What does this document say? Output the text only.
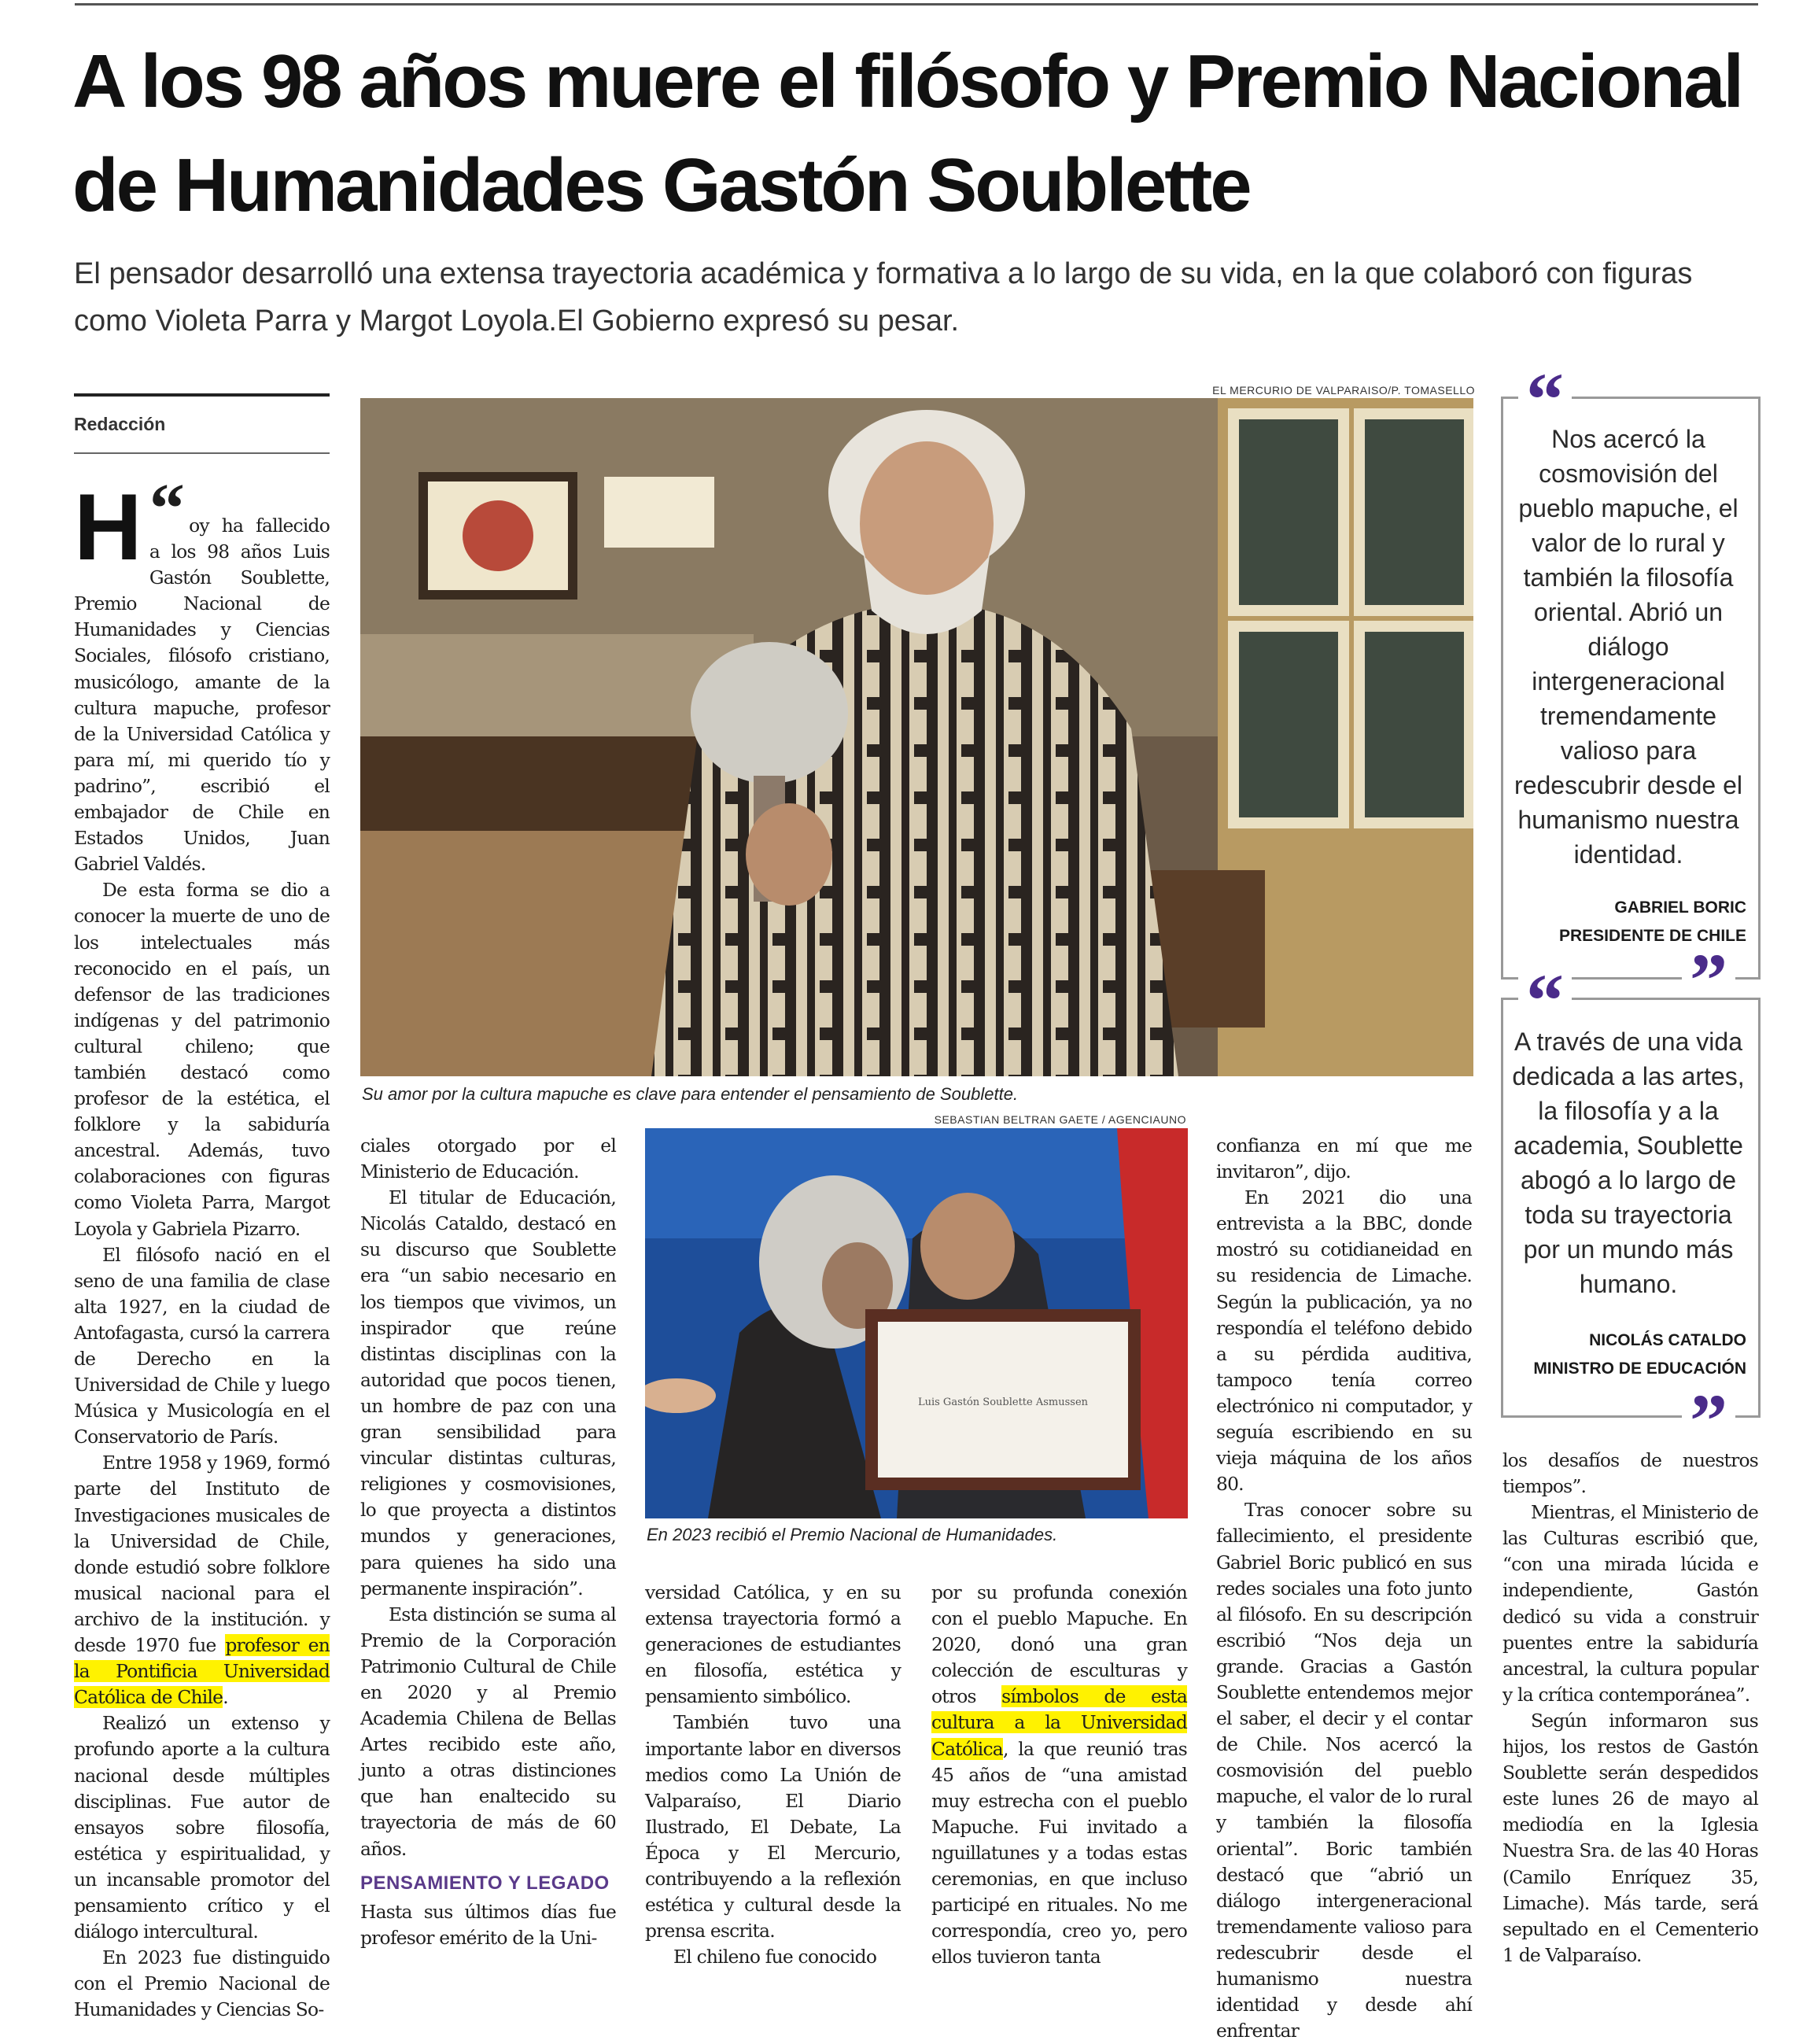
A los 98 años muere el filósofo y Premio Nacional de Humanidades Gastón Soublette

El pensador desarrolló una extensa trayectoria académica y formativa a lo largo de su vida, en la que colaboró con figuras como Violeta Parra y Margot Loyola.El Gobierno expresó su pesar.

Redacción

“
H	oy ha fallecido a los 98 años Luis Gastón Soublette, Premio Nacional de Humanidades y Ciencias Sociales, filósofo cristiano, musicólogo, amante de la cultura mapuche, profesor de la Universidad Católica y para mí, mi querido tío y padrino”, escribió el embajador de Chile en Estados Unidos, Juan Gabriel Valdés.

De esta forma se dio a conocer la muerte de uno de los intelectuales más reconocido en el país, un defensor de las tradiciones indígenas y del patrimonio cultural chileno; que también destacó como profesor de la estética, el folklore y la sabiduría ancestral. Además, tuvo colaboraciones con figuras como Violeta Parra, Margot Loyola y Gabriela Pizarro.

El filósofo nació en el seno de una familia de clase alta 1927, en la ciudad de Antofagasta, cursó la carrera de Derecho en la Universidad de Chile y luego Música y Musicología en el Conservatorio de París.

Entre 1958 y 1969, formó parte del Instituto de Investigaciones musicales de la Universidad de Chile, donde estudió sobre folklore musical nacional para el archivo de la institución. y desde 1970 fue profesor en la Pontificia Universidad Católica de Chile.

Realizó un extenso y profundo aporte a la cultura nacional desde múltiples disciplinas. Fue autor de ensayos sobre filosofía, estética y espiritualidad, y un incansable promotor del pensamiento crítico y el diálogo intercultural.

En 2023 fue distinguido con el Premio Nacional de Humanidades y Ciencias So-

EL MERCURIO DE VALPARAISO/P. TOMASELLO
Su amor por la cultura mapuche es clave para entender el pensamiento de Soublette.
“
Nos acercó la cosmovisión del pueblo mapuche, el valor de lo rural y también la filosofía oriental. Abrió un diálogo intergeneracional tremendamente valioso para redescubrir desde el humanismo nuestra identidad.
GABRIEL BORIC
PRESIDENTE DE CHILE
”
“
A través de una vida dedicada a las artes, la filosofía y a la academia, Soublette abogó a lo largo de toda su trayectoria por un mundo más humano.
NICOLÁS CATALDO
MINISTRO DE EDUCACIÓN
”

ciales otorgado por el Ministerio de Educación.

El titular de Educación, Nicolás Cataldo, destacó en su discurso que Soublette era “un sabio necesario en los tiempos que vivimos, un inspirador que reúne distintas disciplinas con la autoridad que pocos tienen, un hombre de paz con una gran sensibilidad para vincular distintas culturas, religiones y cosmovisiones, lo que proyecta a distintos mundos y generaciones, para quienes ha sido una permanente inspiración”.

Esta distinción se suma al Premio de la Corporación Patrimonio Cultural de Chile en 2020 y al Premio Academia Chilena de Bellas Artes recibido este año, junto a otras distinciones que han enaltecido su trayectoria de más de 60 años.

PENSAMIENTO Y LEGADO

Hasta sus últimos días fue profesor emérito de la Uni-

SEBASTIAN BELTRAN GAETE / AGENCIAUNO
Luis Gastón Soublette Asmussen
En 2023 recibió el Premio Nacional de Humanidades.

versidad Católica, y en su extensa trayectoria formó a generaciones de estudiantes en filosofía, estética y pensamiento simbólico.

También tuvo una importante labor en diversos medios como La Unión de Valparaíso, El Diario Ilustrado, El Debate, La Época y El Mercurio, contribuyendo a la reflexión estética y cultural desde la prensa escrita.

El chileno fue conocido

por su profunda conexión con el pueblo Mapuche. En 2020, donó una gran colección de esculturas y otros símbolos de esta cultura a la Universidad Católica, la que reunió tras 45 años de “una amistad muy estrecha con el pueblo Mapuche. Fui invitado a nguillatunes y a todas estas ceremonias, en que incluso participé en rituales. No me correspondía, creo yo, pero ellos tuvieron tanta

confianza en mí que me invitaron”, dijo.

En 2021 dio una entrevista a la BBC, donde mostró su cotidianeidad en su residencia de Limache. Según la publicación, ya no respondía el teléfono debido a su pérdida auditiva, tampoco tenía correo electrónico ni computador, y seguía escribiendo en su vieja máquina de los años 80.

Tras conocer sobre su fallecimiento, el presidente Gabriel Boric publicó en sus redes sociales una foto junto al filósofo. En su descripción escribió “Nos deja un grande. Gracias a Gastón Soublette entendemos mejor el saber, el decir y el contar de Chile. Nos acercó la cosmovisión del pueblo mapuche, el valor de lo rural y también la filosofía oriental”. Boric también destacó que “abrió un diálogo intergeneracional tremendamente valioso para redescubrir desde el humanismo nuestra identidad y desde ahí enfrentar

los desafíos de nuestros tiempos”.

Mientras, el Ministerio de las Culturas escribió que, “con una mirada lúcida e independiente, Gastón dedicó su vida a construir puentes entre la sabiduría ancestral, la cultura popular y la crítica contemporánea”.

Según informaron sus hijos, los restos de Gastón Soublette serán despedidos este lunes 26 de mayo al mediodía en la Iglesia Nuestra Sra. de las 40 Horas (Camilo Enríquez 35, Limache). Más tarde, será sepultado en el Cementerio 1 de Valparaíso.
